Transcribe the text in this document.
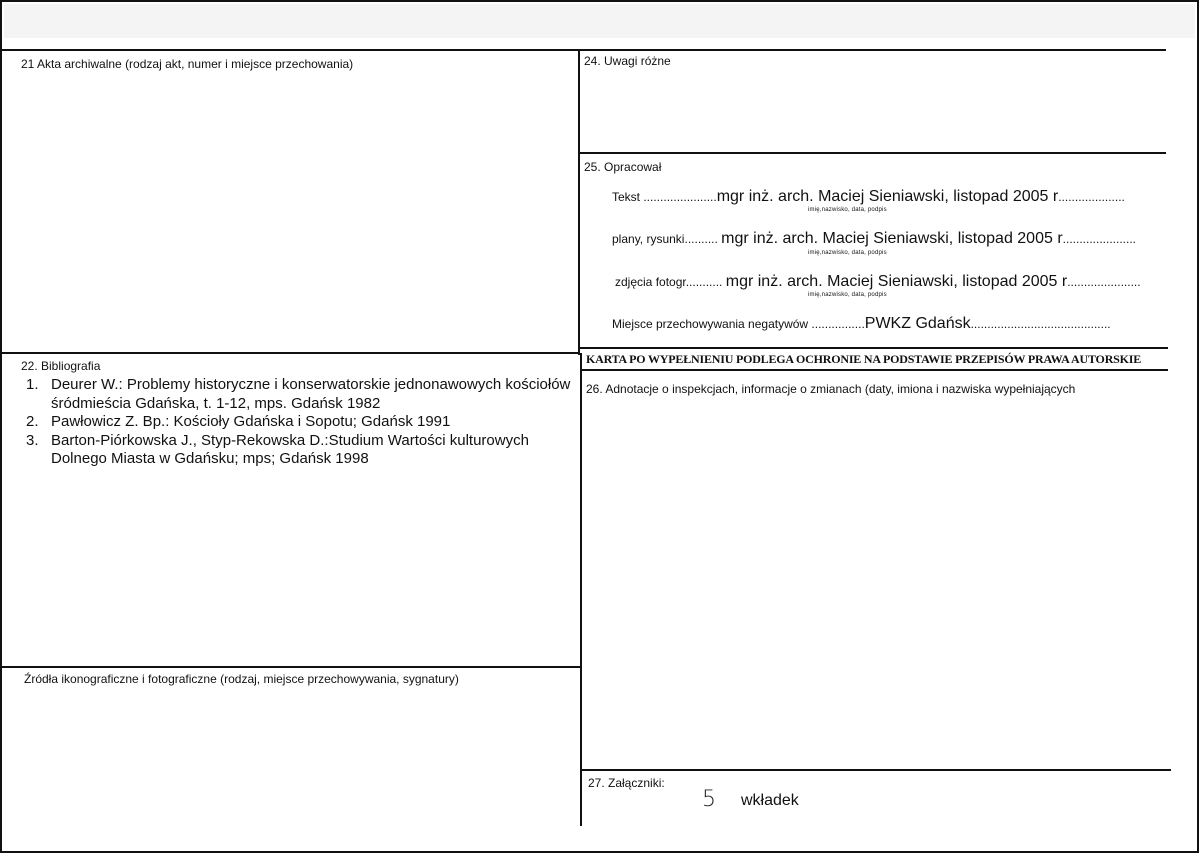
21 Akta archiwalne (rodzaj akt, numer i miejsce przechowania)
22. Bibliografia
1. Deurer W.: Problemy historyczne i konserwatorskie jednonawowych kościołów śródmieścia Gdańska, t. 1-12, mps. Gdańsk 1982
2. Pawłowicz Z. Bp.: Kościoły Gdańska i Sopotu; Gdańsk 1991
3. Barton-Piórkowska J., Styp-Rekowska D.:Studium Wartości kulturowych Dolnego Miasta w Gdańsku; mps; Gdańsk 1998
Źródła ikonograficzne i fotograficzne (rodzaj, miejsce przechowywania, sygnatury)
24. Uwagi różne
25. Opracował
Tekst ......................mgr inż. arch. Maciej Sieniawski, listopad 2005 r....................
imię,nazwisko, data, podpis
plany, rysunki.......... mgr inż. arch. Maciej Sieniawski, listopad 2005 r......................
imię,nazwisko, data, podpis
zdjęcia fotogr........... mgr inż. arch. Maciej Sieniawski, listopad 2005 r......................
imię,nazwisko, data, podpis
Miejsce przechowywania negatywów ................PWKZ Gdańsk..........................................
KARTA PO WYPEŁNIENIU PODLEGA OCHRONIE NA PODSTAWIE PRZEPISÓW PRAWA AUTORSKIE
26. Adnotacje o inspekcjach, informacje o zmianach (daty, imiona i nazwiska wypełniających
27. Załączniki:
5 wkładek
